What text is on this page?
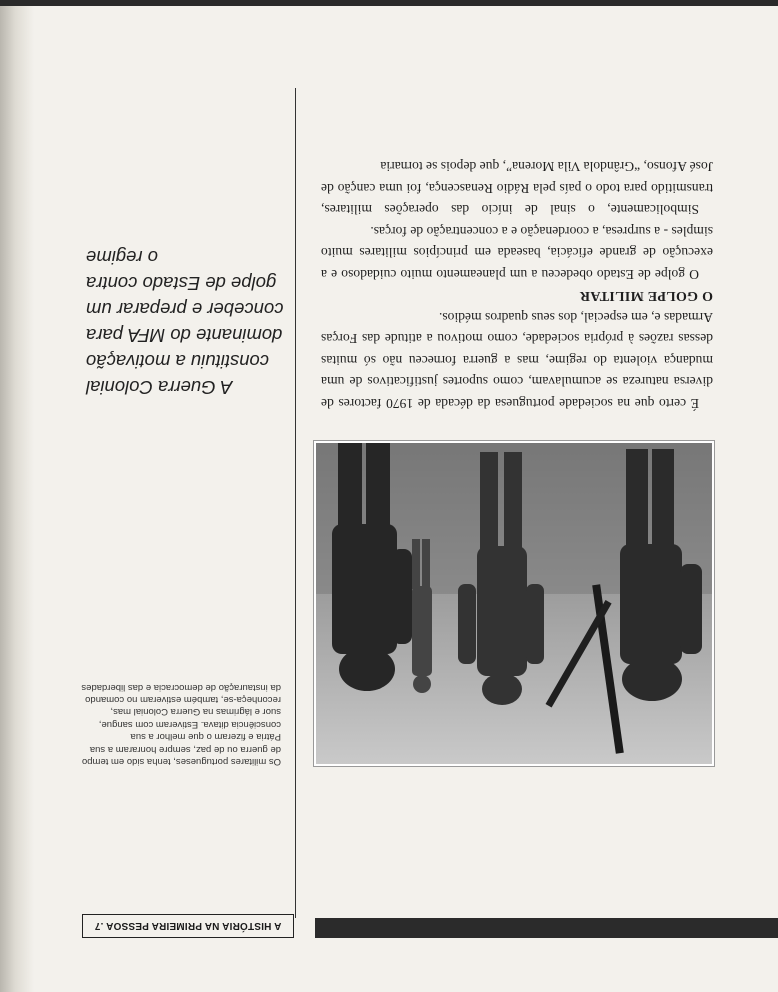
A HISTÓRIA NA PRIMEIRA PESSOA .7
Os militares portugueses, tenha sido em tempo de guerra ou de paz, sempre honraram a sua Pátria e fizeram o que melhor a sua consciência ditava. Estiveram com sangue, suor e lágrimas na Guerra Colonial mas, reconheça-se, também estiveram no comando da instauração de democracia e das liberdades

É certo que na sociedade portuguesa da década de 1970 factores de diversa natureza se acumulavam, como suportes justificativos de uma mudança violenta do regime, mas a guerra forneceu não só muitas dessas razões à própria sociedade, como motivou a atitude das Forças Armadas e, em especial, dos seus quadros médios.

O GOLPE MILITAR

O golpe de Estado obedeceu a um planeamento muito cuidadoso e a execução de grande eficácia, baseada em princípios militares muito simples - a surpresa, a coordenação e a concentração de forças.

Simbolicamente, o sinal de início das operações militares, transmitido para todo o país pela Rádio Renascença, foi uma canção de José Afonso, “Grândola Vila Morena”, que depois se tornaria

A Guerra Colonial constituiu a motivação dominante do MFA para conceber e preparar um golpe de Estado contra o regime
